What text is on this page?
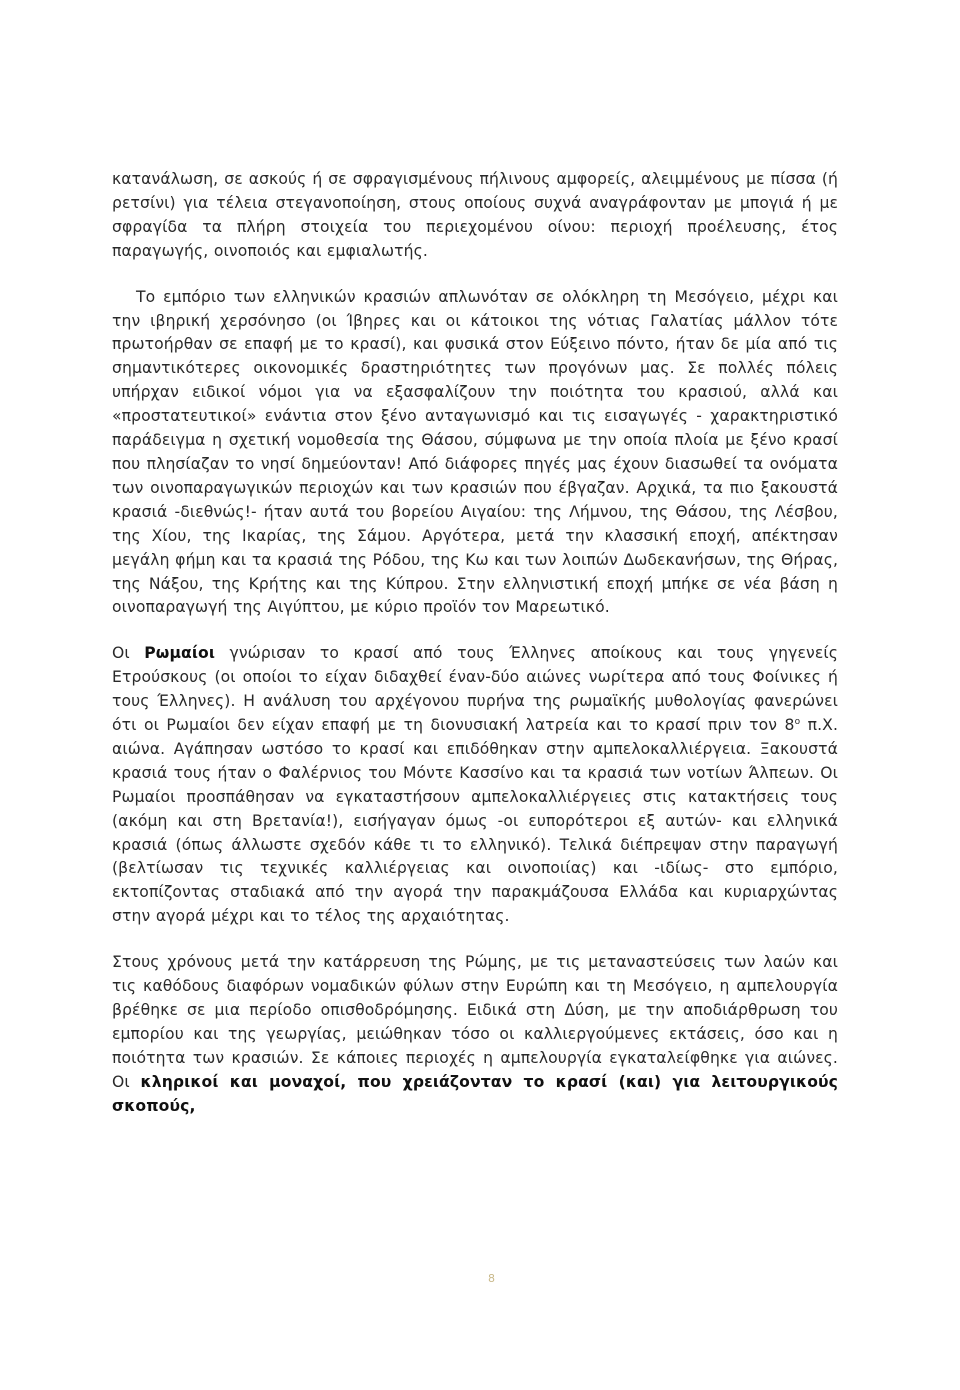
κατανάλωση, σε ασκούς ή σε σφραγισμένους πήλινους αμφορείς, αλειμμένους με πίσσα (ή ρετσίνι) για τέλεια στεγανοποίηση, στους οποίους συχνά αναγράφονταν με μπογιά ή με σφραγίδα τα πλήρη στοιχεία του περιεχομένου οίνου: περιοχή προέλευσης, έτος παραγωγής, οινοποιός και εμφιαλωτής.

Το εμπόριο των ελληνικών κρασιών απλωνόταν σε ολόκληρη τη Μεσόγειο, μέχρι και την ιβηρική χερσόνησο (οι Ίβηρες και οι κάτοικοι της νότιας Γαλατίας μάλλον τότε πρωτοήρθαν σε επαφή με το κρασί), και φυσικά στον Εύξεινο πόντο, ήταν δε μία από τις σημαντικότερες οικονομικές δραστηριότητες των προγόνων μας. Σε πολλές πόλεις υπήρχαν ειδικοί νόμοι για να εξασφαλίζουν την ποιότητα του κρασιού, αλλά και «προστατευτικοί» ενάντια στον ξένο ανταγωνισμό και τις εισαγωγές - χαρακτηριστικό παράδειγμα η σχετική νομοθεσία της Θάσου, σύμφωνα με την οποία πλοία με ξένο κρασί που πλησίαζαν το νησί δημεύονταν! Από διάφορες πηγές μας έχουν διασωθεί τα ονόματα των οινοπαραγωγικών περιοχών και των κρασιών που έβγαζαν. Αρχικά, τα πιο ξακουστά κρασιά -διεθνώς!- ήταν αυτά του βορείου Αιγαίου: της Λήμνου, της Θάσου, της Λέσβου, της Χίου, της Ικαρίας, της Σάμου. Αργότερα, μετά την κλασσική εποχή, απέκτησαν μεγάλη φήμη και τα κρασιά της Ρόδου, της Κω και των λοιπών Δωδεκανήσων, της Θήρας, της Νάξου, της Κρήτης και της Κύπρου. Στην ελληνιστική εποχή μπήκε σε νέα βάση η οινοπαραγωγή της Αιγύπτου, με κύριο προϊόν τον Μαρεωτικό.

Οι Ρωμαίοι γνώρισαν το κρασί από τους Έλληνες αποίκους και τους γηγενείς Ετρούσκους (οι οποίοι το είχαν διδαχθεί έναν-δύο αιώνες νωρίτερα από τους Φοίνικες ή τους Έλληνες). Η ανάλυση του αρχέγονου πυρήνα της ρωμαϊκής μυθολογίας φανερώνει ότι οι Ρωμαίοι δεν είχαν επαφή με τη διονυσιακή λατρεία και το κρασί πριν τον $8^o$ π.Χ. αιώνα. Αγάπησαν ωστόσο το κρασί και επιδόθηκαν στην αμπελοκαλλιέργεια. Ξακουστά κρασιά τους ήταν ο Φαλέρνιος του Μόντε Κασσίνο και τα κρασιά των νοτίων Άλπεων. Οι Ρωμαίοι προσπάθησαν να εγκαταστήσουν αμπελοκαλλιέργειες στις κατακτήσεις τους (ακόμη και στη Βρετανία!), εισήγαγαν όμως -οι ευπορότεροι εξ αυτών- και ελληνικά κρασιά (όπως άλλωστε σχεδόν κάθε τι το ελληνικό). Τελικά διέπρεψαν στην παραγωγή (βελτίωσαν τις τεχνικές καλλιέργειας και οινοποιίας) και -ιδίως- στο εμπόριο, εκτοπίζοντας σταδιακά από την αγορά την παρακμάζουσα Ελλάδα και κυριαρχώντας στην αγορά μέχρι και το τέλος της αρχαιότητας.

Στους χρόνους μετά την κατάρρευση της Ρώμης, με τις μεταναστεύσεις των λαών και τις καθόδους διαφόρων νομαδικών φύλων στην Ευρώπη και τη Μεσόγειο, η αμπελουργία βρέθηκε σε μια περίοδο οπισθοδρόμησης. Ειδικά στη Δύση, με την αποδιάρθρωση του εμπορίου και της γεωργίας, μειώθηκαν τόσο οι καλλιεργούμενες εκτάσεις, όσο και η ποιότητα των κρασιών. Σε κάποιες περιοχές η αμπελουργία εγκαταλείφθηκε για αιώνες. Οι κληρικοί και μοναχοί, που χρειάζονταν το κρασί (και) για λειτουργικούς σκοπούς,

8
